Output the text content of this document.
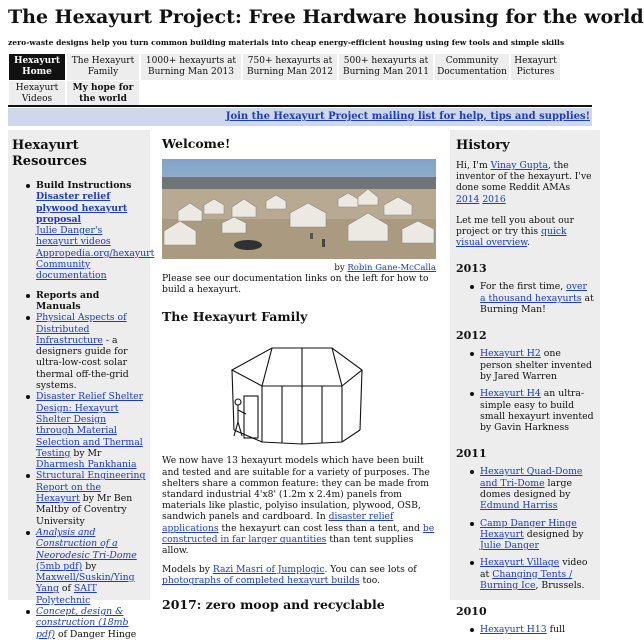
The Hexayurt Project: Free Hardware housing for the world
zero-waste designs help you turn common building materials into cheap energy-efficient housing using few tools and simple skills
Hexayurt Home
The Hexayurt Family
1000+ hexayurts at Burning Man 2013
750+ hexayurts at Burning Man 2012
500+ hexayurts at Burning Man 2011
Community Documentation
Hexayurt Pictures
Hexayurt Videos
My hope for the world
Join the Hexayurt Project mailing list for help, tips and supplies!
Hexayurt Resources
Build Instructions
Disaster relief plywood hexayurt proposal
Julie Danger's hexayurt videos
Appropedia.org/hexayurt
Community documentation
Reports and Manuals
Physical Aspects of Distributed Infrastructure - a designers guide for ultra-low-cost solar thermal off-the-grid systems.
Disaster Relief Shelter Design: Hexayurt Shelter Design through Material Selection and Thermal Testing by Mr Dharmesh Pankhania
Structural Engineering Report on the Hexayurt by Mr Ben Maltby of Coventry University
Analysis and Construction of a Neorodesic Tri-Dome (5mb pdf) by Maxwell/Suskin/Ying Yang of SAIT Polytechnic
Concept, design & construction (18mb pdf) of Danger Hinge
Welcome!
by Robin Gane-McCalla

Please see our documentation links on the left for how to build a hexayurt.

The Hexayurt Family

We now have 13 hexayurt models which have been built and tested and are suitable for a variety of purposes. The shelters share a common feature: they can be made from standard industrial 4'x8' (1.2m x 2.4m) panels from materials like plastic, polyiso insulation, plywood, OSB, sandwich panels and cardboard. In disaster relief applications the hexayurt can cost less than a tent, and be constructed in far larger quantities than tent supplies allow.

Models by Razi Masri of Jumplogic. You can see lots of photographs of completed hexayurt builds too.

2017: zero moop and recyclable
History

Hi, I'm Vinay Gupta, the inventor of the hexayurt. I've done some Reddit AMAs 2014 2016

Let me tell you about our project or try this quick visual overview.

2013
For the first time, over a thousand hexayurts at Burning Man!
2012
Hexayurt H2 one person shelter invented by Jared Warren
Hexayurt H4 an ultra-simple easy to build small hexayurt invented by Gavin Harkness
2011
Hexayurt Quad-Dome and Tri-Dome large domes designed by Edmund Harriss
Camp Danger Hinge Hexayurt designed by Julie Danger
Hexayurt Village video at Changing Tents / Burning Ice, Brussels.
2010
Hexayurt H13 full
